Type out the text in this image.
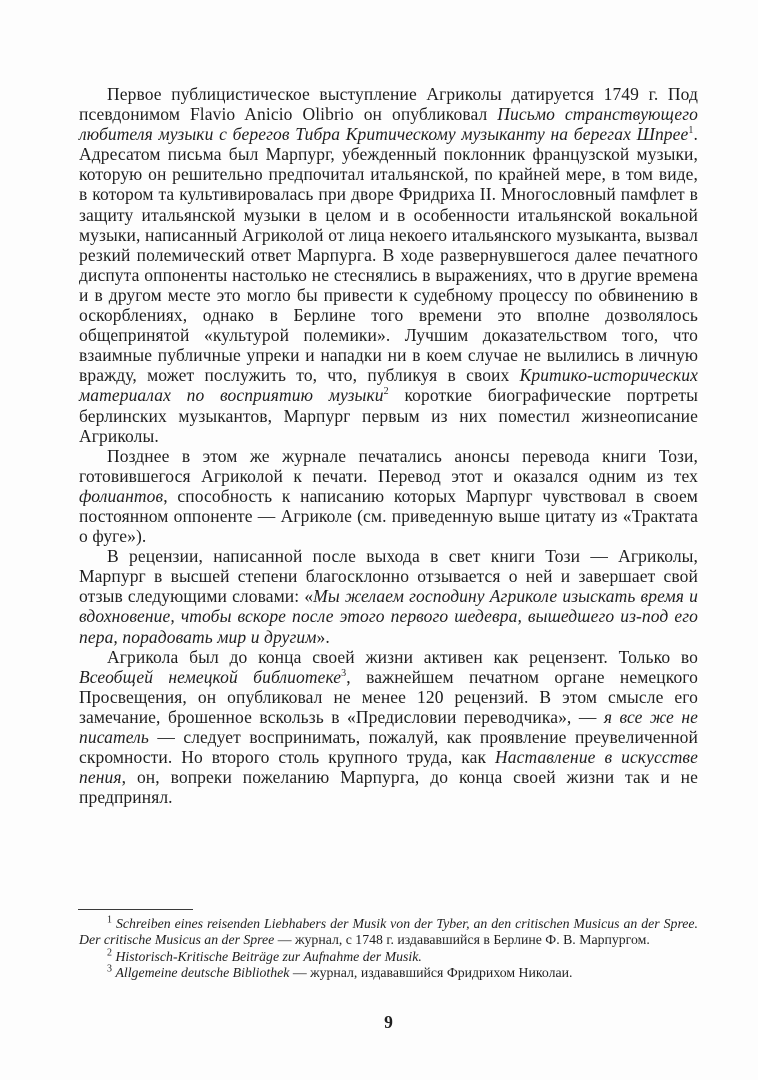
Первое публицистическое выступление Агриколы датируется 1749 г. Под псевдонимом Flavio Anicio Olibrio он опубликовал Письмо странствующего любителя музыки с берегов Тибра Критическому музыканту на берегах Шпрее$^1$. Адресатом письма был Марпург, убежденный поклонник французской музыки, которую он решительно предпочитал итальянской, по крайней мере, в том виде, в котором та культивировалась при дворе Фридриха II. Многословный памфлет в защиту итальянской музыки в целом и в особенности итальянской вокальной музыки, написанный Агриколой от лица некоего итальянского музыканта, вызвал резкий полемический ответ Марпурга. В ходе развернувшегося далее печатного диспута оппоненты настолько не стеснялись в выражениях, что в другие времена и в другом месте это могло бы привести к судебному процессу по обвинению в оскорблениях, однако в Берлине того времени это вполне дозволялось общепринятой «культурой полемики». Лучшим доказательством того, что взаимные публичные упреки и нападки ни в коем случае не вылились в личную вражду, может послужить то, что, публикуя в своих Критико-исторических материалах по восприятию музыки$^2$ короткие биографические портреты берлинских музыкантов, Марпург первым из них поместил жизнеописание Агриколы.

Позднее в этом же журнале печатались анонсы перевода книги Този, готовившегося Агриколой к печати. Перевод этот и оказался одним из тех фолиантов, способность к написанию которых Марпург чувствовал в своем постоянном оппоненте — Агриколе (см. приведенную выше цитату из «Трактата о фуге»).

В рецензии, написанной после выхода в свет книги Този — Агриколы, Марпург в высшей степени благосклонно отзывается о ней и завершает свой отзыв следующими словами: «Мы желаем господину Агриколе изыскать время и вдохновение, чтобы вскоре после этого первого шедевра, вышедшего из-под его пера, порадовать мир и другим».

Агрикола был до конца своей жизни активен как рецензент. Только во Всеобщей немецкой библиотеке$^3$, важнейшем печатном органе немецкого Просвещения, он опубликовал не менее 120 рецензий. В этом смысле его замечание, брошенное вскользь в «Предисловии переводчика», — я все же не писатель — следует воспринимать, пожалуй, как проявление преувеличенной скромности. Но второго столь крупного труда, как Наставление в искусстве пения, он, вопреки пожеланию Марпурга, до конца своей жизни так и не предпринял.

$^1$ Schreiben eines reisenden Liebhabers der Musik von der Tyber, an den critischen Musicus an der Spree. Der critische Musicus an der Spree — журнал, с 1748 г. издававшийся в Берлине Ф. В. Марпургом.

$^2$ Historisch-Kritische Beiträge zur Aufnahme der Musik.

$^3$ Allgemeine deutsche Bibliothek — журнал, издававшийся Фридрихом Николаи.

9
